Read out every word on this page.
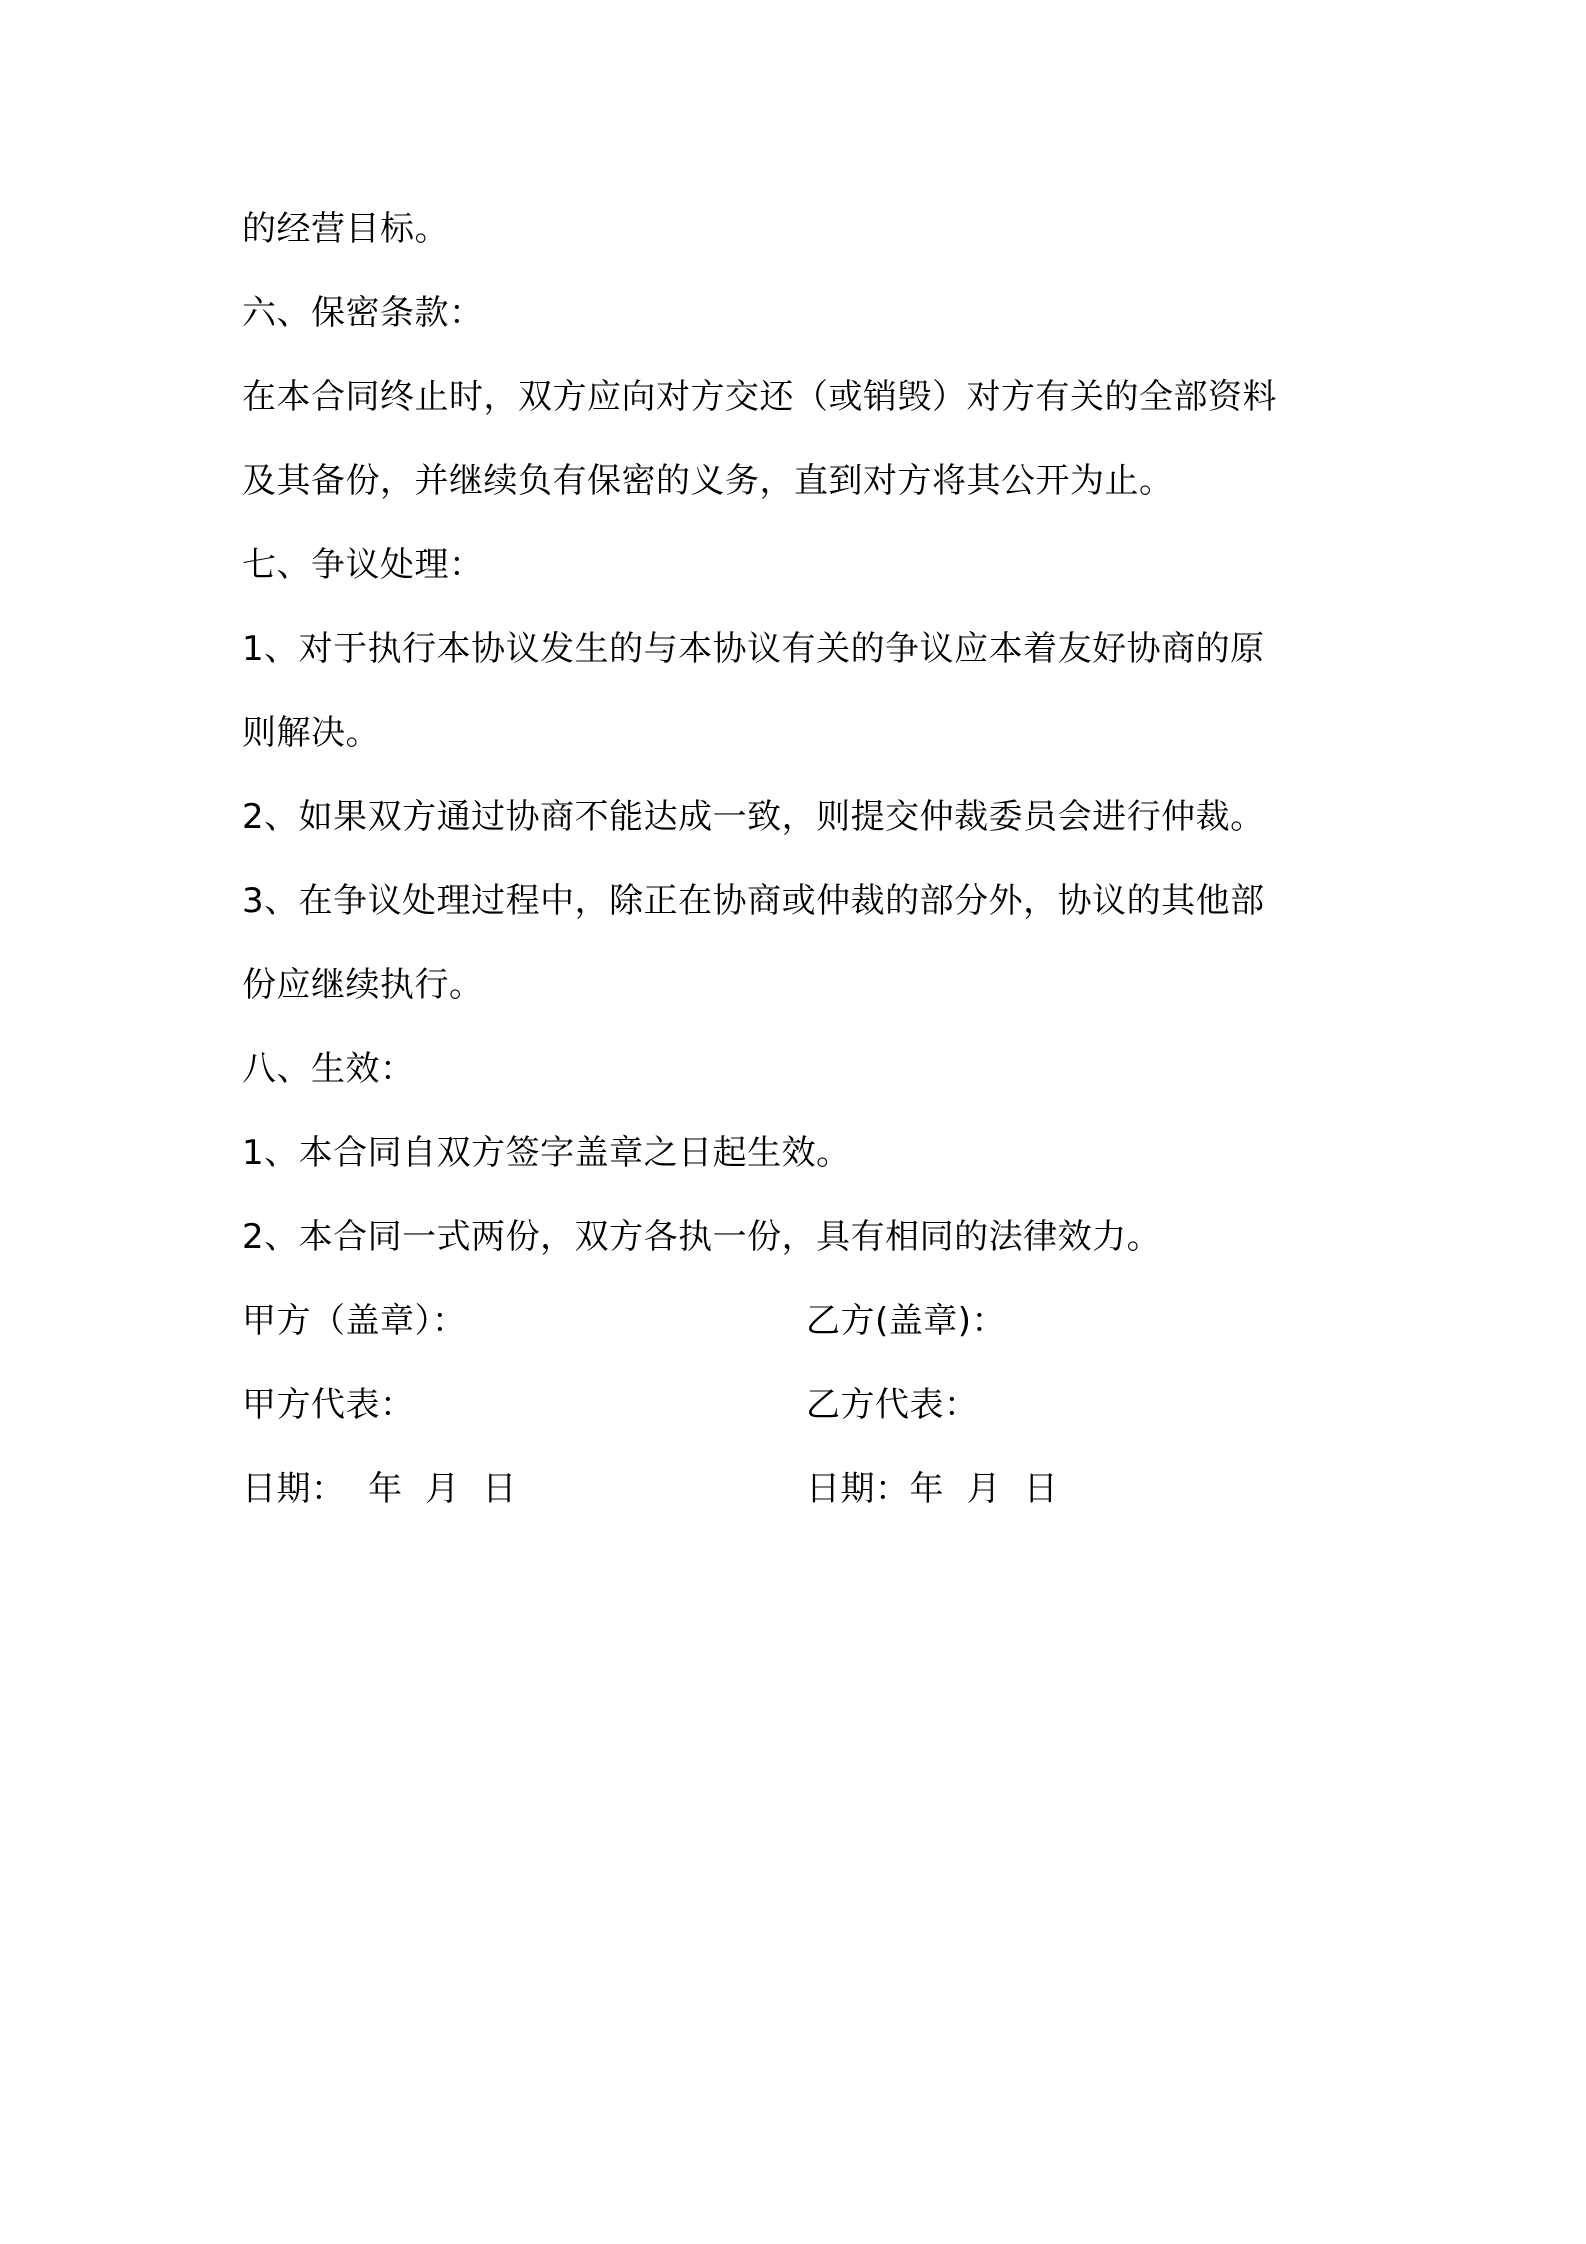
的经营目标。
六、保密条款：
在本合同终止时，双方应向对方交还（或销毁）对方有关的全部资料
及其备份，并继续负有保密的义务，直到对方将其公开为止。
七、争议处理：
1、对于执行本协议发生的与本协议有关的争议应本着友好协商的原
则解决。
2、如果双方通过协商不能达成一致，则提交仲裁委员会进行仲裁。
3、在争议处理过程中，除正在协商或仲裁的部分外，协议的其他部
份应继续执行。
八、生效：
1、本合同自双方签字盖章之日起生效。
2、本合同一式两份，双方各执一份，具有相同的法律效力。
甲方（盖章）：	乙方(盖章)：
甲方代表：	乙方代表：
日期：  年  月  日	日期：年  月  日
